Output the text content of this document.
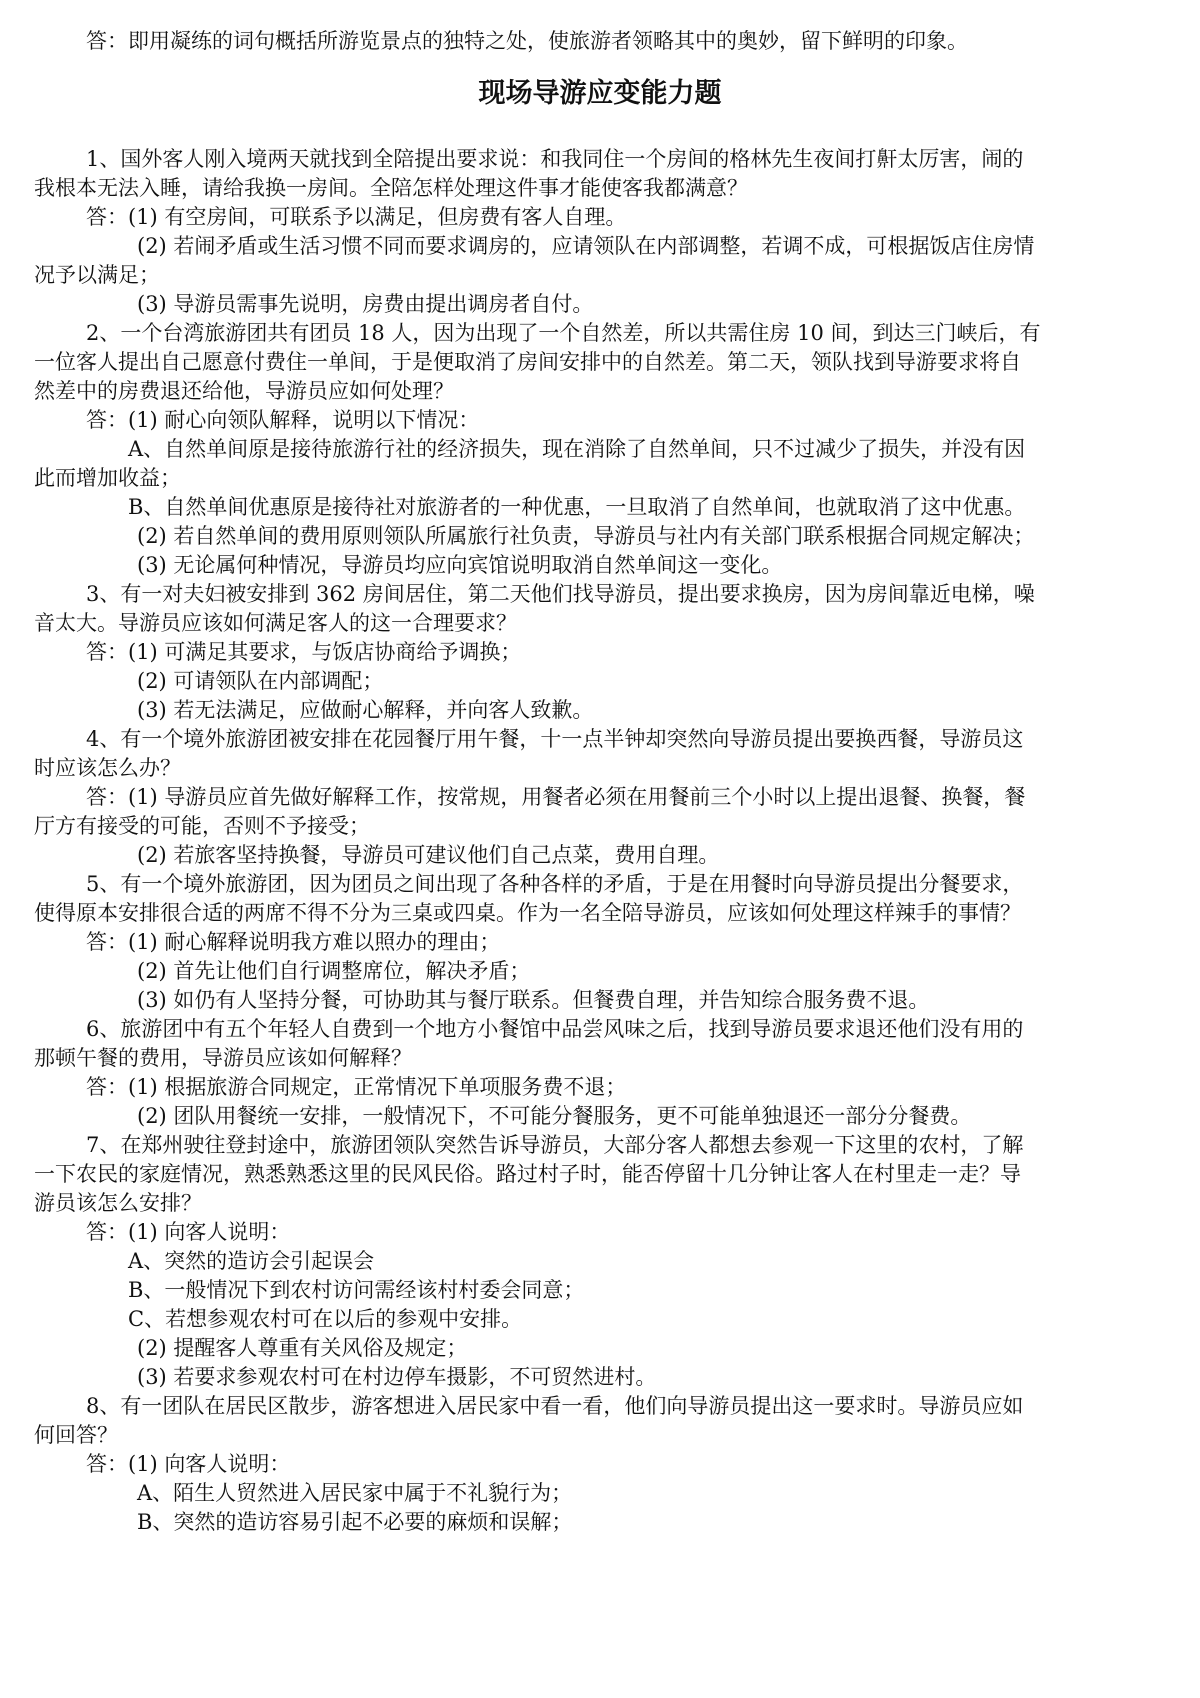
答：即用凝练的词句概括所游览景点的独特之处，使旅游者领略其中的奥妙，留下鲜明的印象。
现场导游应变能力题
1、国外客人刚入境两天就找到全陪提出要求说：和我同住一个房间的格林先生夜间打鼾太厉害，闹的
我根本无法入睡，请给我换一房间。全陪怎样处理这件事才能使客我都满意？
答：(1) 有空房间，可联系予以满足，但房费有客人自理。
(2) 若闹矛盾或生活习惯不同而要求调房的，应请领队在内部调整，若调不成，可根据饭店住房情
况予以满足；
(3) 导游员需事先说明，房费由提出调房者自付。
2、一个台湾旅游团共有团员 18 人，因为出现了一个自然差，所以共需住房 10 间，到达三门峡后，有
一位客人提出自己愿意付费住一单间，于是便取消了房间安排中的自然差。第二天，领队找到导游要求将自
然差中的房费退还给他，导游员应如何处理？
答：(1) 耐心向领队解释，说明以下情况：
A、自然单间原是接待旅游行社的经济损失，现在消除了自然单间，只不过减少了损失，并没有因
此而增加收益；
B、自然单间优惠原是接待社对旅游者的一种优惠，一旦取消了自然单间，也就取消了这中优惠。
(2) 若自然单间的费用原则领队所属旅行社负责，导游员与社内有关部门联系根据合同规定解决；
(3) 无论属何种情况，导游员均应向宾馆说明取消自然单间这一变化。
3、有一对夫妇被安排到 362 房间居住，第二天他们找导游员，提出要求换房，因为房间靠近电梯，噪
音太大。导游员应该如何满足客人的这一合理要求？
答：(1) 可满足其要求，与饭店协商给予调换；
(2) 可请领队在内部调配；
(3) 若无法满足，应做耐心解释，并向客人致歉。
4、有一个境外旅游团被安排在花园餐厅用午餐，十一点半钟却突然向导游员提出要换西餐，导游员这
时应该怎么办？
答：(1) 导游员应首先做好解释工作，按常规，用餐者必须在用餐前三个小时以上提出退餐、换餐，餐
厅方有接受的可能，否则不予接受；
(2) 若旅客坚持换餐，导游员可建议他们自己点菜，费用自理。
5、有一个境外旅游团，因为团员之间出现了各种各样的矛盾，于是在用餐时向导游员提出分餐要求，
使得原本安排很合适的两席不得不分为三桌或四桌。作为一名全陪导游员，应该如何处理这样辣手的事情？
答：(1) 耐心解释说明我方难以照办的理由；
(2) 首先让他们自行调整席位，解决矛盾；
(3) 如仍有人坚持分餐，可协助其与餐厅联系。但餐费自理，并告知综合服务费不退。
6、旅游团中有五个年轻人自费到一个地方小餐馆中品尝风味之后，找到导游员要求退还他们没有用的
那顿午餐的费用，导游员应该如何解释？
答：(1) 根据旅游合同规定，正常情况下单项服务费不退；
(2) 团队用餐统一安排，一般情况下，不可能分餐服务，更不可能单独退还一部分分餐费。
7、在郑州驶往登封途中，旅游团领队突然告诉导游员，大部分客人都想去参观一下这里的农村，了解
一下农民的家庭情况，熟悉熟悉这里的民风民俗。路过村子时，能否停留十几分钟让客人在村里走一走？导
游员该怎么安排？
答：(1) 向客人说明：
A、突然的造访会引起误会
B、一般情况下到农村访问需经该村村委会同意；
C、若想参观农村可在以后的参观中安排。
(2) 提醒客人尊重有关风俗及规定；
(3) 若要求参观农村可在村边停车摄影，不可贸然进村。
8、有一团队在居民区散步，游客想进入居民家中看一看，他们向导游员提出这一要求时。导游员应如
何回答？
答：(1) 向客人说明：
A、陌生人贸然进入居民家中属于不礼貌行为；
B、突然的造访容易引起不必要的麻烦和误解；
